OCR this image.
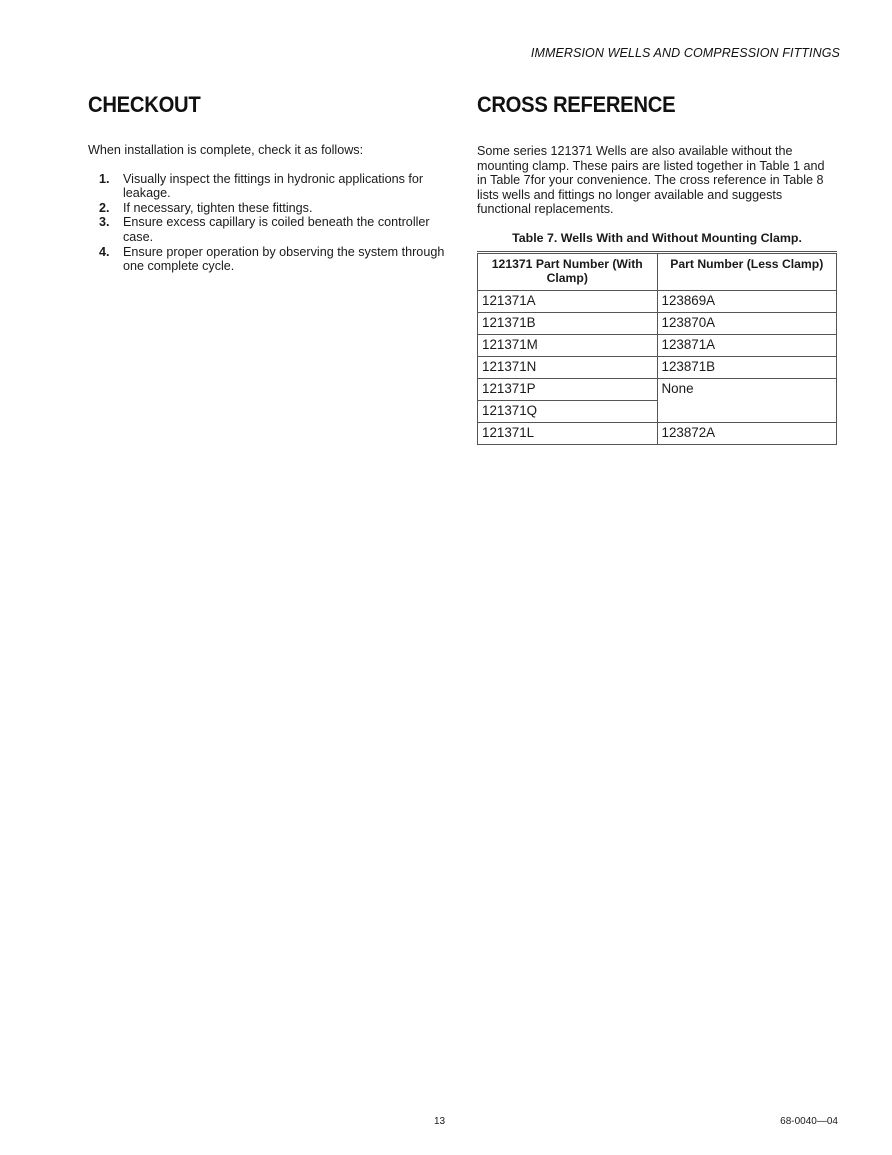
IMMERSION WELLS AND COMPRESSION FITTINGS
CHECKOUT

When installation is complete, check it as follows:

1. Visually inspect the fittings in hydronic applications for leakage.
2. If necessary, tighten these fittings.
3. Ensure excess capillary is coiled beneath the controller case.
4. Ensure proper operation by observing the system through one complete cycle.
CROSS REFERENCE

Some series 121371 Wells are also available without the mounting clamp. These pairs are listed together in Table 1 and in Table 7for your convenience. The cross reference in Table 8 lists wells and fittings no longer available and suggests functional replacements.

Table 7. Wells With and Without Mounting Clamp.
121371 Part Number (With Clamp)	Part Number (Less Clamp)
121371A	123869A
121371B	123870A
121371M	123871A
121371N	123871B
121371P	None
121371Q	
121371L	123872A
13	68-0040—04
